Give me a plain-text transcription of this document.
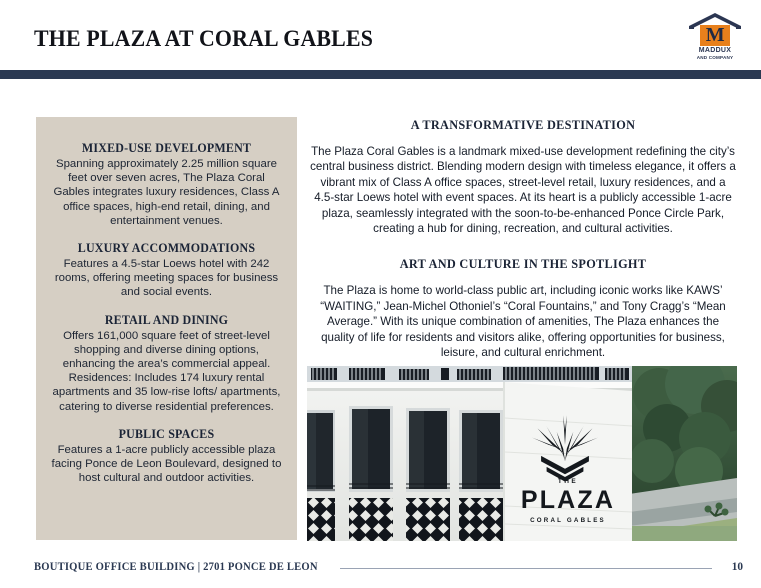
THE PLAZA AT CORAL GABLES	M
MADDUX
AND COMPANY
MIXED-USE DEVELOPMENT
Spanning approximately 2.25 million square feet over seven acres, The Plaza Coral Gables integrates luxury residences, Class A office spaces, high-end retail, dining, and entertainment venues.
LUXURY ACCOMMODATIONS
Features a 4.5-star Loews hotel with 242 rooms, offering meeting spaces for business and social events.
RETAIL AND DINING
Offers 161,000 square feet of street-level shopping and diverse dining options, enhancing the area’s commercial appeal. Residences: Includes 174 luxury rental apartments and 35 low-rise lofts/ apartments, catering to diverse residential preferences.
PUBLIC SPACES
Features a 1-acre publicly accessible plaza facing Ponce de Leon Boulevard, designed to host cultural and outdoor activities.
A TRANSFORMATIVE DESTINATION
The Plaza Coral Gables is a landmark mixed-use development redefining the city’s central business district. Blending modern design with timeless elegance, it offers a vibrant mix of Class A office spaces, street-level retail, luxury residences, and a 4.5-star Loews hotel with event spaces. At its heart is a publicly accessible 1-acre plaza, seamlessly integrated with the soon-to-be-enhanced Ponce Circle Park, creating a hub for dining, recreation, and cultural activities.
ART AND CULTURE IN THE SPOTLIGHT
The Plaza is home to world-class public art, including iconic works like KAWS’ “WAITING,” Jean-Michel Othoniel’s “Coral Fountains,” and Tony Cragg’s “Mean Average.” With its unique combination of amenities, The Plaza enhances the quality of life for residents and visitors alike, offering opportunities for business, leisure, and cultural enrichment.
THE
PLAZA
CORAL GABLES
BOUTIQUE OFFICE BUILDING | 2701 PONCE DE LEON	10
